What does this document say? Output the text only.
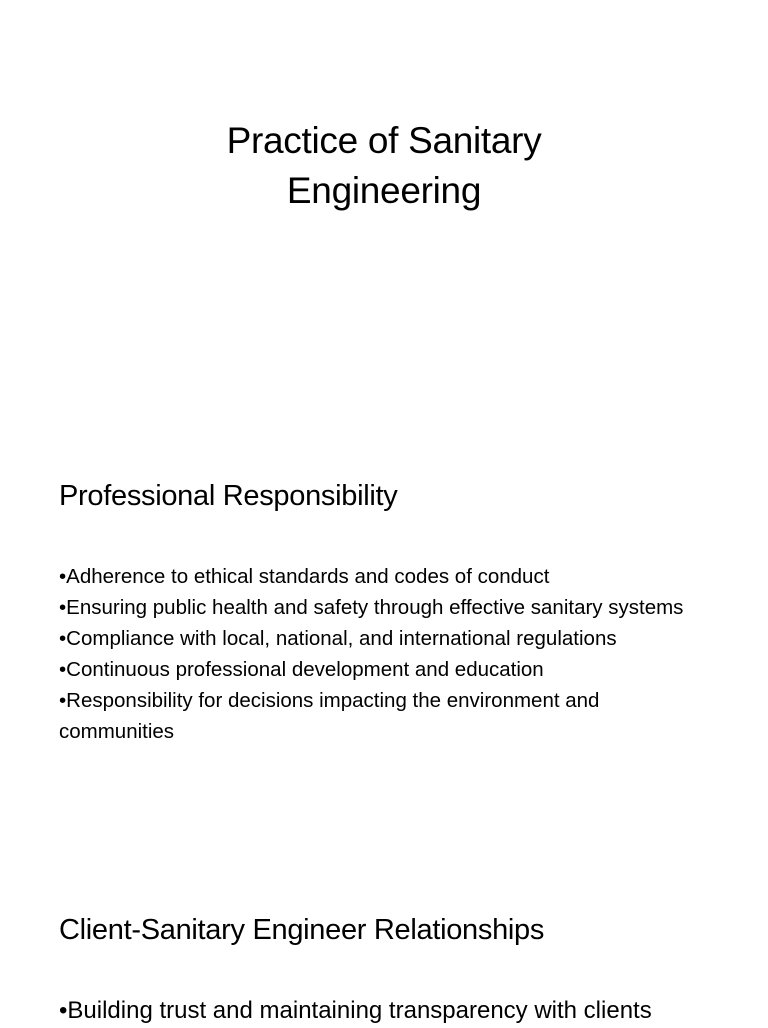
Practice of Sanitary
Engineering
Professional Responsibility
•Adherence to ethical standards and codes of conduct
•Ensuring public health and safety through effective sanitary systems
•Compliance with local, national, and international regulations
•Continuous professional development and education
•Responsibility for decisions impacting the environment and communities
Client-Sanitary Engineer Relationships
•Building trust and maintaining transparency with clients
